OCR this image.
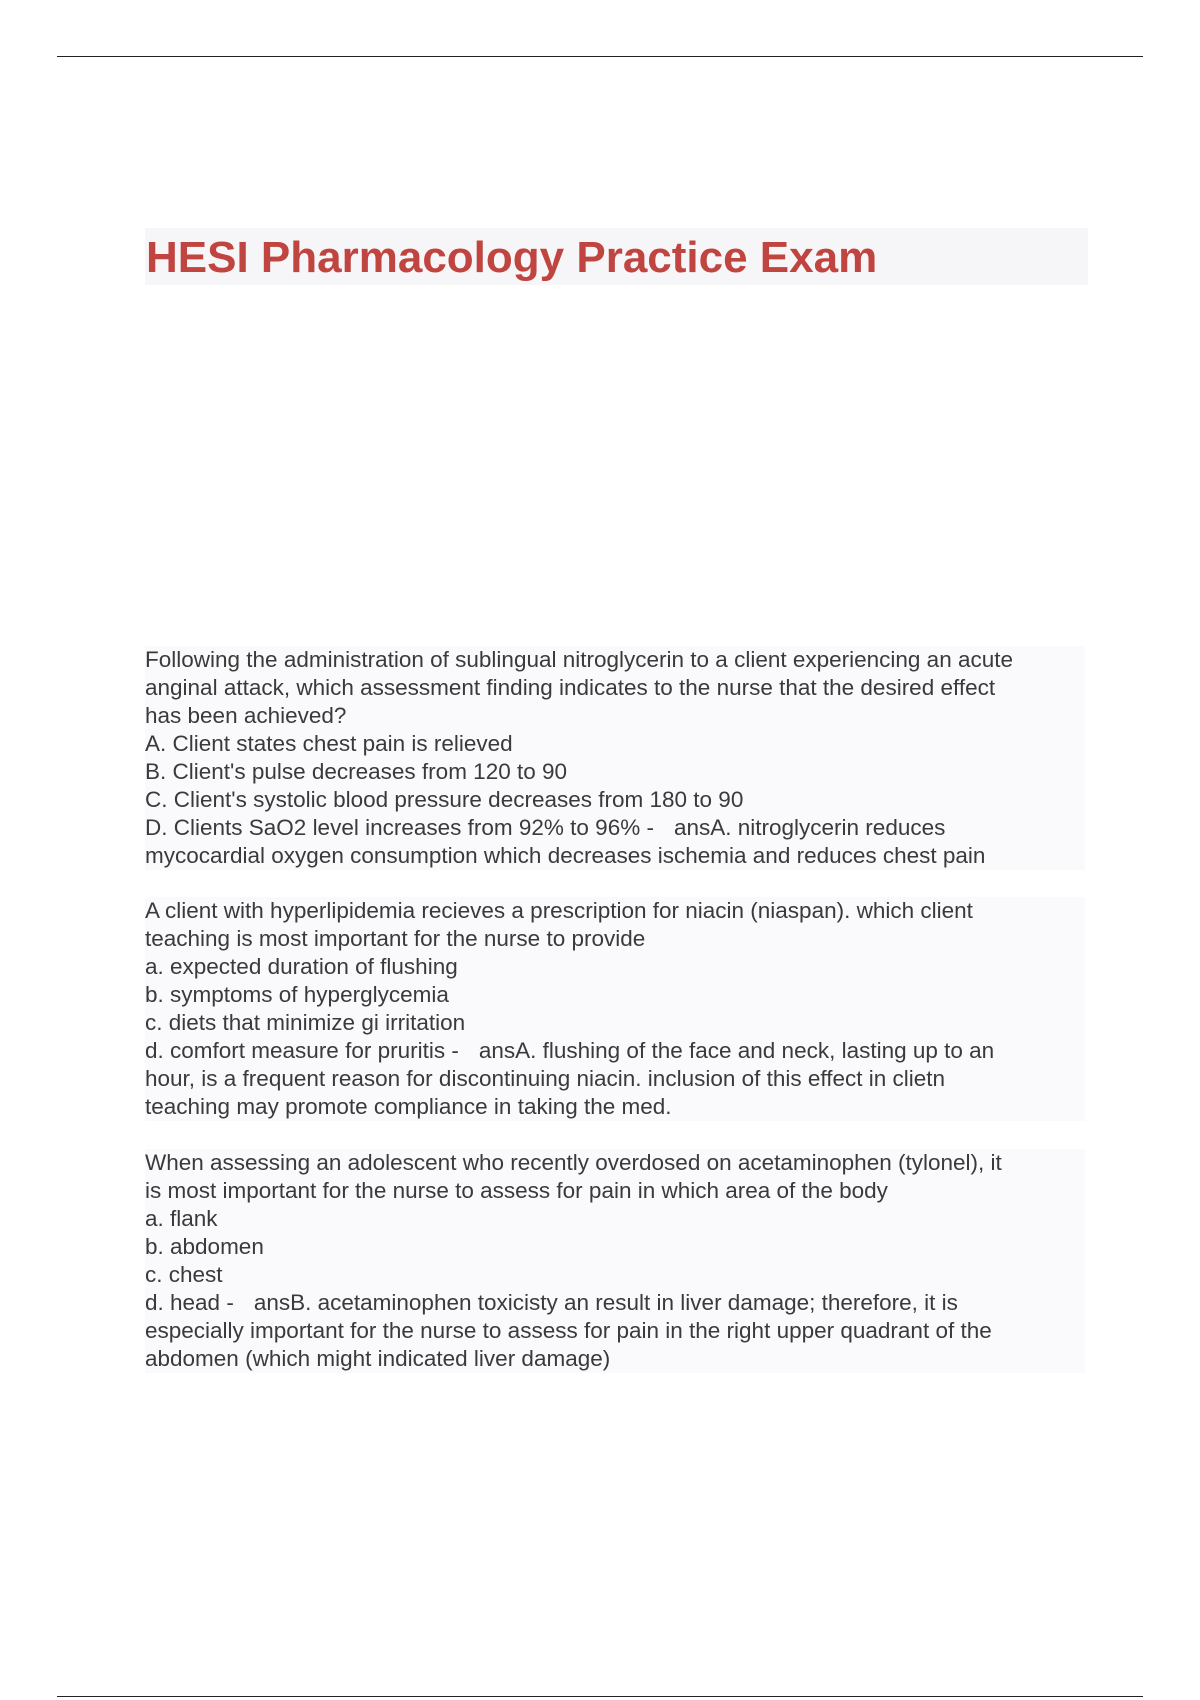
HESI Pharmacology Practice Exam
Following the administration of sublingual nitroglycerin to a client experiencing an acute
anginal attack, which assessment finding indicates to the nurse that the desired effect
has been achieved?
A. Client states chest pain is relieved
B. Client's pulse decreases from 120 to 90
C. Client's systolic blood pressure decreases from 180 to 90
D. Clients SaO2 level increases from 92% to 96% - ansA. nitroglycerin reduces
mycocardial oxygen consumption which decreases ischemia and reduces chest pain
A client with hyperlipidemia recieves a prescription for niacin (niaspan). which client
teaching is most important for the nurse to provide
a. expected duration of flushing
b. symptoms of hyperglycemia
c. diets that minimize gi irritation
d. comfort measure for pruritis - ansA. flushing of the face and neck, lasting up to an
hour, is a frequent reason for discontinuing niacin. inclusion of this effect in clietn
teaching may promote compliance in taking the med.
When assessing an adolescent who recently overdosed on acetaminophen (tylonel), it
is most important for the nurse to assess for pain in which area of the body
a. flank
b. abdomen
c. chest
d. head - ansB. acetaminophen toxicisty an result in liver damage; therefore, it is
especially important for the nurse to assess for pain in the right upper quadrant of the
abdomen (which might indicated liver damage)
